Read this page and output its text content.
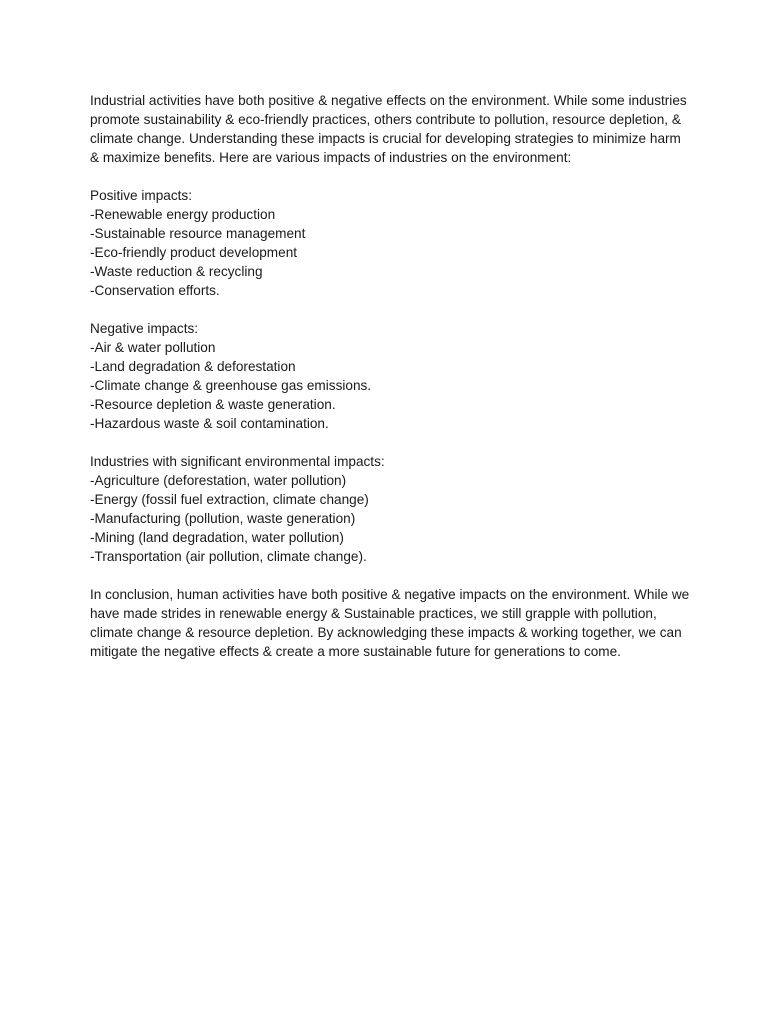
Industrial activities have both positive & negative effects on the environment. While some industries promote sustainability & eco-friendly practices, others contribute to pollution, resource depletion, & climate change. Understanding these impacts is crucial for developing strategies to minimize harm & maximize benefits. Here are various impacts of industries on the environment:

Positive impacts:
-Renewable energy production
-Sustainable resource management
-Eco-friendly product development
-Waste reduction & recycling
-Conservation efforts.
Negative impacts:
-Air & water pollution
-Land degradation & deforestation
-Climate change & greenhouse gas emissions.
-Resource depletion & waste generation.
-Hazardous waste & soil contamination.
Industries with significant environmental impacts:
-Agriculture (deforestation, water pollution)
-Energy (fossil fuel extraction, climate change)
-Manufacturing (pollution, waste generation)
-Mining (land degradation, water pollution)
-Transportation (air pollution, climate change).

In conclusion, human activities have both positive & negative impacts on the environment. While we have made strides in renewable energy & Sustainable practices, we still grapple with pollution, climate change & resource depletion. By acknowledging these impacts & working together, we can mitigate the negative effects & create a more sustainable future for generations to come.
